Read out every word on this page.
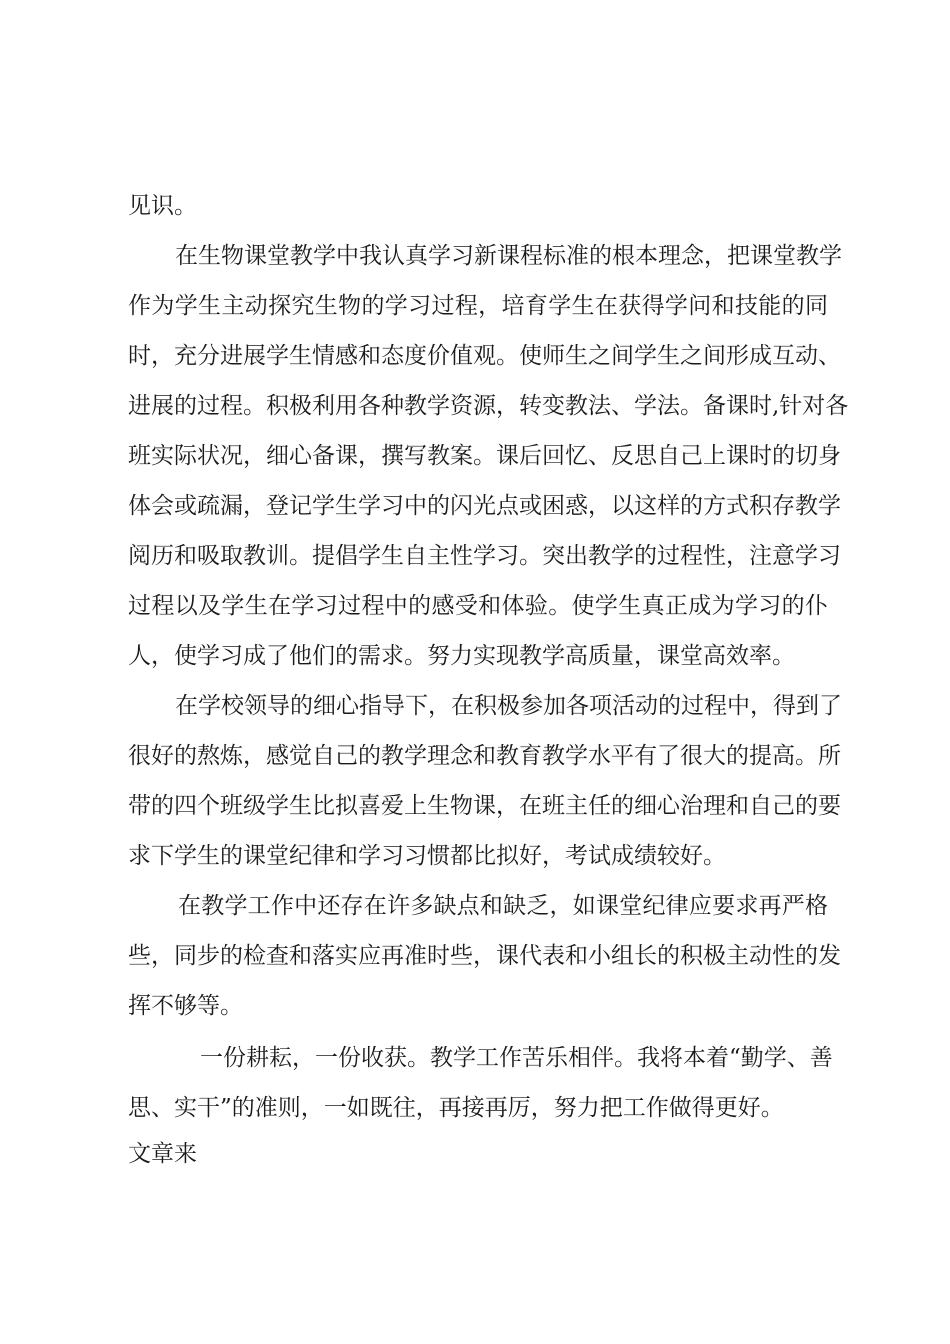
见识。
在生物课堂教学中我认真学习新课程标准的根本理念，把课堂教学
作为学生主动探究生物的学习过程，培育学生在获得学问和技能的同
时，充分进展学生情感和态度价值观。使师生之间学生之间形成互动、
进展的过程。积极利用各种教学资源，转变教法、学法。备课时,针对各
班实际状况，细心备课，撰写教案。课后回忆、反思自己上课时的切身
体会或疏漏，登记学生学习中的闪光点或困惑，以这样的方式积存教学
阅历和吸取教训。提倡学生自主性学习。突出教学的过程性，注意学习
过程以及学生在学习过程中的感受和体验。使学生真正成为学习的仆
人，使学习成了他们的需求。努力实现教学高质量，课堂高效率。
在学校领导的细心指导下，在积极参加各项活动的过程中，得到了
很好的熬炼，感觉自己的教学理念和教育教学水平有了很大的提高。所
带的四个班级学生比拟喜爱上生物课，在班主任的细心治理和自己的要
求下学生的课堂纪律和学习习惯都比拟好，考试成绩较好。
在教学工作中还存在许多缺点和缺乏，如课堂纪律应要求再严格
些，同步的检查和落实应再准时些，课代表和小组长的积极主动性的发
挥不够等。
一份耕耘，一份收获。教学工作苦乐相伴。我将本着“勤学、善
思、实干”的准则，一如既往，再接再厉，努力把工作做得更好。
文章来
